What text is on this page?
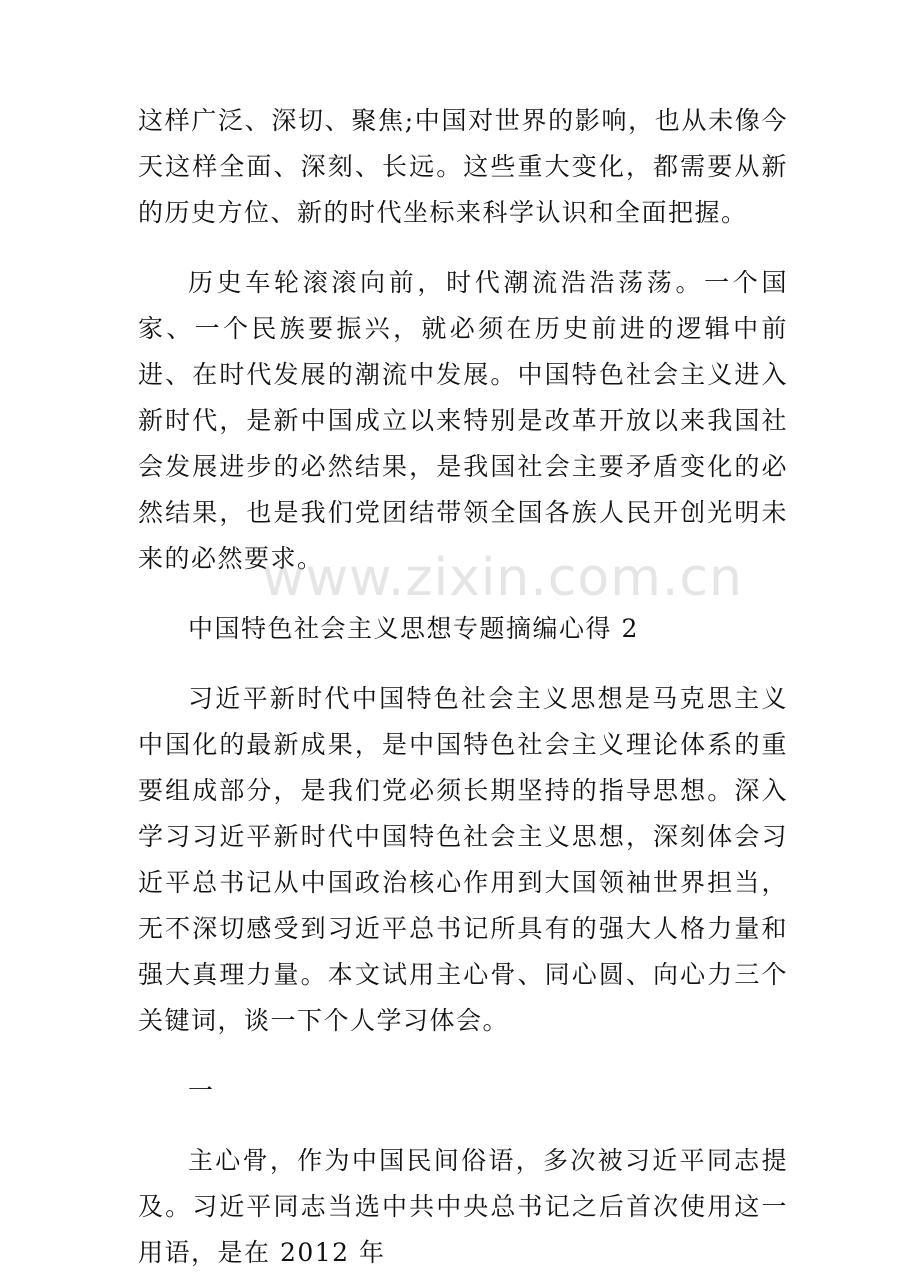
这样广泛、深切、聚焦;中国对世界的影响，也从未像今天这样全面、深刻、长远。这些重大变化，都需要从新的历史方位、新的时代坐标来科学认识和全面把握。

历史车轮滚滚向前，时代潮流浩浩荡荡。一个国家、一个民族要振兴，就必须在历史前进的逻辑中前进、在时代发展的潮流中发展。中国特色社会主义进入新时代，是新中国成立以来特别是改革开放以来我国社会发展进步的必然结果，是我国社会主要矛盾变化的必然结果，也是我们党团结带领全国各族人民开创光明未来的必然要求。

中国特色社会主义思想专题摘编心得 2

习近平新时代中国特色社会主义思想是马克思主义中国化的最新成果，是中国特色社会主义理论体系的重要组成部分，是我们党必须长期坚持的指导思想。深入学习习近平新时代中国特色社会主义思想，深刻体会习近平总书记从中国政治核心作用到大国领袖世界担当，无不深切感受到习近平总书记所具有的强大人格力量和强大真理力量。本文试用主心骨、同心圆、向心力三个关键词，谈一下个人学习体会。

一

主心骨，作为中国民间俗语，多次被习近平同志提及。习近平同志当选中共中央总书记之后首次使用这一用语，是在 2012 年

www.zixin.com.cn
